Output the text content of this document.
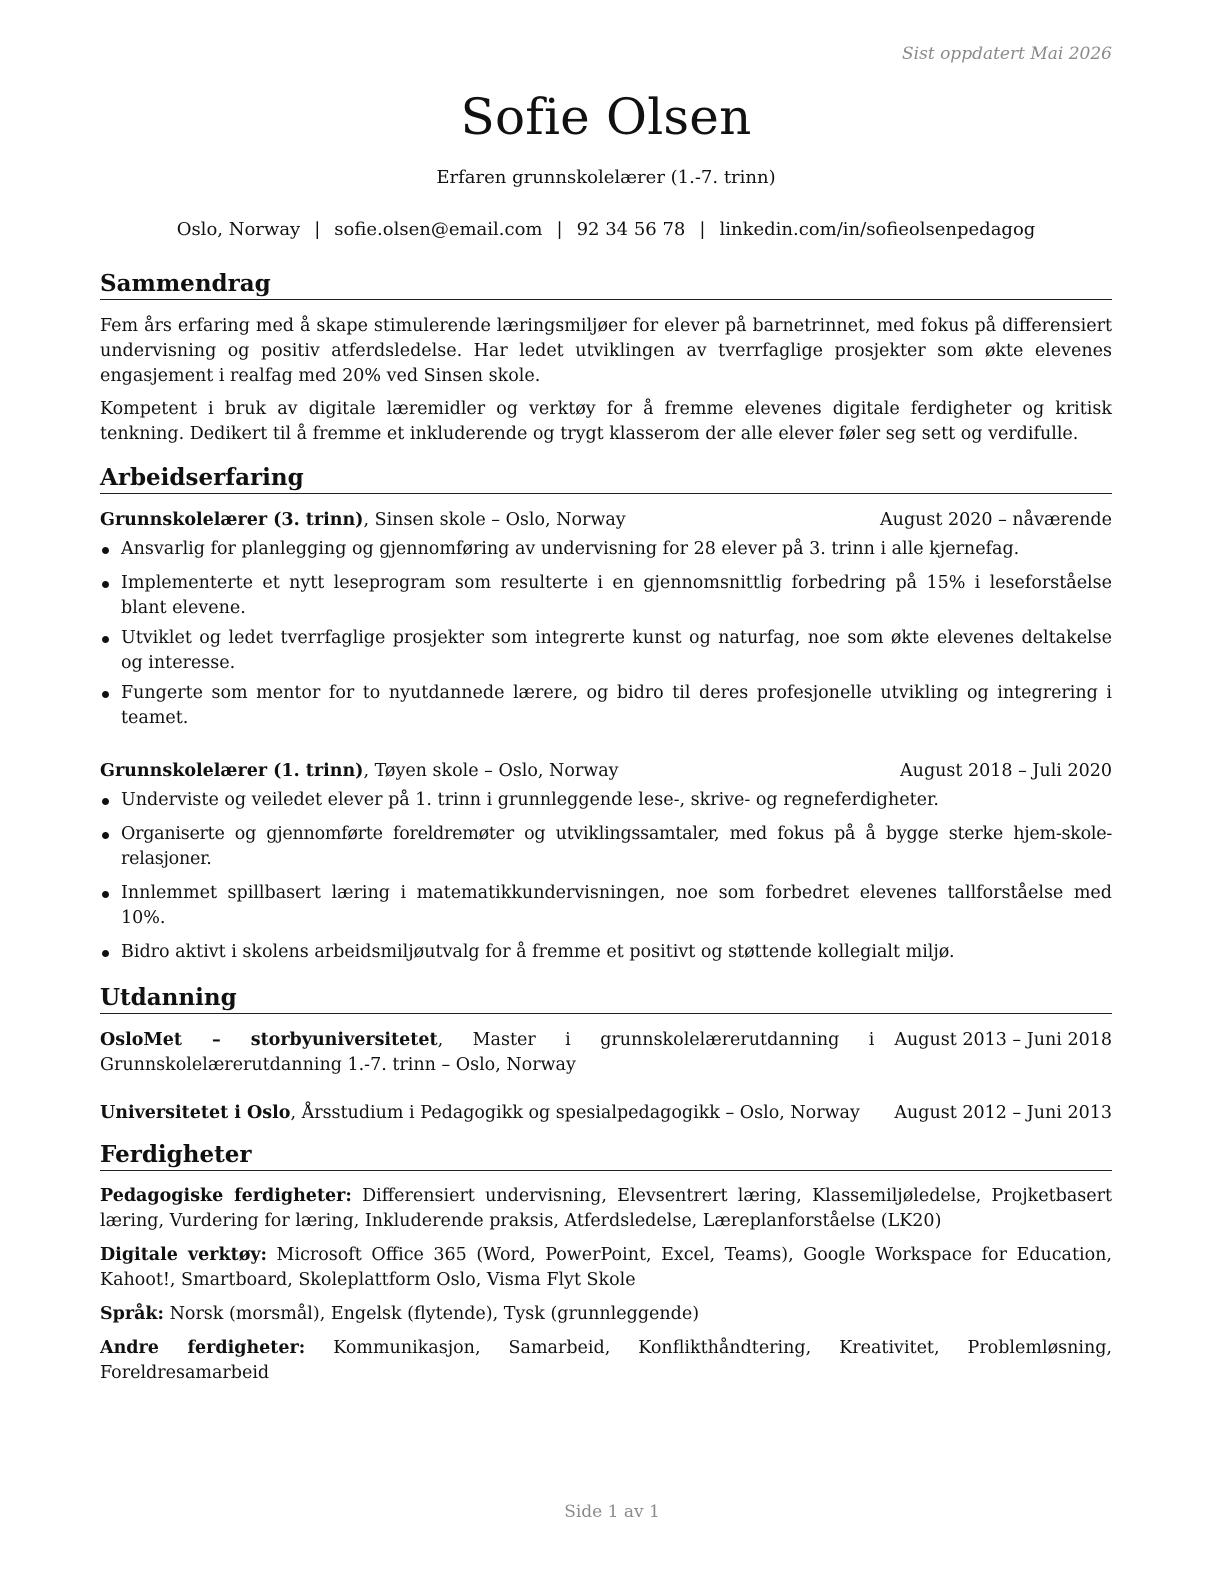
Sist oppdatert Mai 2026
Sofie Olsen
Erfaren grunnskolelærer (1.-7. trinn)
Oslo, Norway | sofie.olsen@email.com | 92 34 56 78 | linkedin.com/in/sofieolsenpedagog
Sammendrag

Fem års erfaring med å skape stimulerende læringsmiljøer for elever på barnetrinnet, med fokus på differensiert undervisning og positiv atferdsledelse. Har ledet utviklingen av tverrfaglige prosjekter som økte elevenes engasjement i realfag med 20% ved Sinsen skole.

Kompetent i bruk av digitale læremidler og verktøy for å fremme elevenes digitale ferdigheter og kritisk tenkning. Dedikert til å fremme et inkluderende og trygt klasserom der alle elever føler seg sett og verdifulle.

Arbeidserfaring
Grunnskolelærer (3. trinn), Sinsen skole – Oslo, Norway	August 2020 – nåværende
Ansvarlig for planlegging og gjennomføring av undervisning for 28 elever på 3. trinn i alle kjernefag.
Implementerte et nytt leseprogram som resulterte i en gjennomsnittlig forbedring på 15% i leseforståelse blant elevene.
Utviklet og ledet tverrfaglige prosjekter som integrerte kunst og naturfag, noe som økte elevenes deltakelse og interesse.
Fungerte som mentor for to nyutdannede lærere, og bidro til deres profesjonelle utvikling og integrering i teamet.
Grunnskolelærer (1. trinn), Tøyen skole – Oslo, Norway	August 2018 – Juli 2020
Underviste og veiledet elever på 1. trinn i grunnleggende lese-, skrive- og regneferdigheter.
Organiserte og gjennomførte foreldremøter og utviklingssamtaler, med fokus på å bygge sterke hjem-skole-relasjoner.
Innlemmet spillbasert læring i matematikkundervisningen, noe som forbedret elevenes tallforståelse med 10%.
Bidro aktivt i skolens arbeidsmiljøutvalg for å fremme et positivt og støttende kollegialt miljø.
Utdanning
OsloMet – storbyuniversitetet, Master i grunnskolelærerutdanning i Grunnskolelærerutdanning 1.-7. trinn – Oslo, Norway
August 2013 – Juni 2018
Universitetet i Oslo, Årsstudium i Pedagogikk og spesialpedagogikk – Oslo, Norway	August 2012 – Juni 2013
Ferdigheter
Pedagogiske ferdigheter: Differensiert undervisning, Elevsentrert læring, Klassemiljøledelse, Projketbasert læring, Vurdering for læring, Inkluderende praksis, Atferdsledelse, Læreplanforståelse (LK20)
Digitale verktøy: Microsoft Office 365 (Word, PowerPoint, Excel, Teams), Google Workspace for Education, Kahoot!, Smartboard, Skoleplattform Oslo, Visma Flyt Skole
Språk: Norsk (morsmål), Engelsk (flytende), Tysk (grunnleggende)
Andre ferdigheter: Kommunikasjon, Samarbeid, Konflikthåndtering, Kreativitet, Problemløsning, Foreldresamarbeid
Side 1 av 1
